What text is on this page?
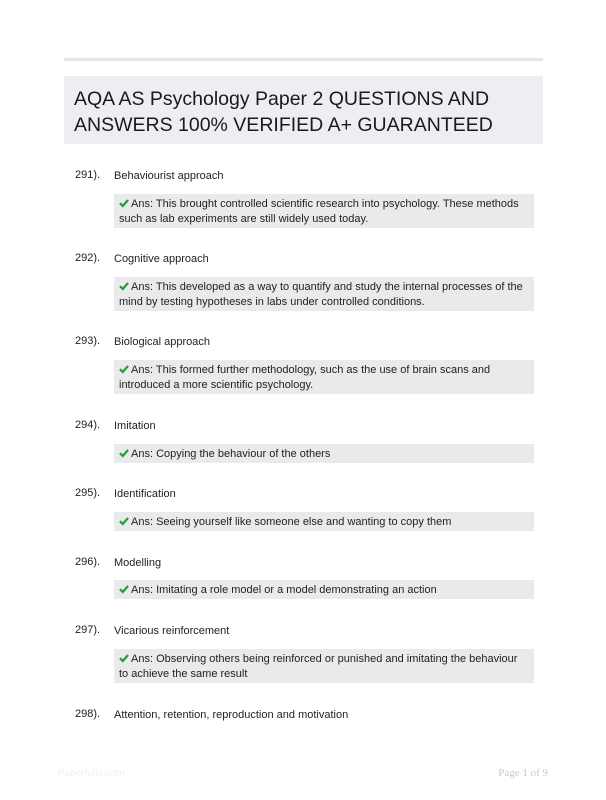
AQA AS Psychology Paper 2 QUESTIONS AND ANSWERS 100% VERIFIED A+ GUARANTEED
291). Behaviourist approach
Ans: This brought controlled scientific research into psychology. These methods such as lab experiments are still widely used today.
292). Cognitive approach
Ans: This developed as a way to quantify and study the internal processes of the mind by testing hypotheses in labs under controlled conditions.
293). Biological approach
Ans: This formed further methodology, such as the use of brain scans and introduced a more scientific psychology.
294). Imitation
Ans: Copying the behaviour of the others
295). Identification
Ans: Seeing yourself like someone else and wanting to copy them
296). Modelling
Ans: Imitating a role model or a model demonstrating an action
297). Vicarious reinforcement
Ans: Observing others being reinforced or punished and imitating the behaviour to achieve the same result
298). Attention, retention, reproduction and motivation
Paperfolio.com	Page 1 of 9
